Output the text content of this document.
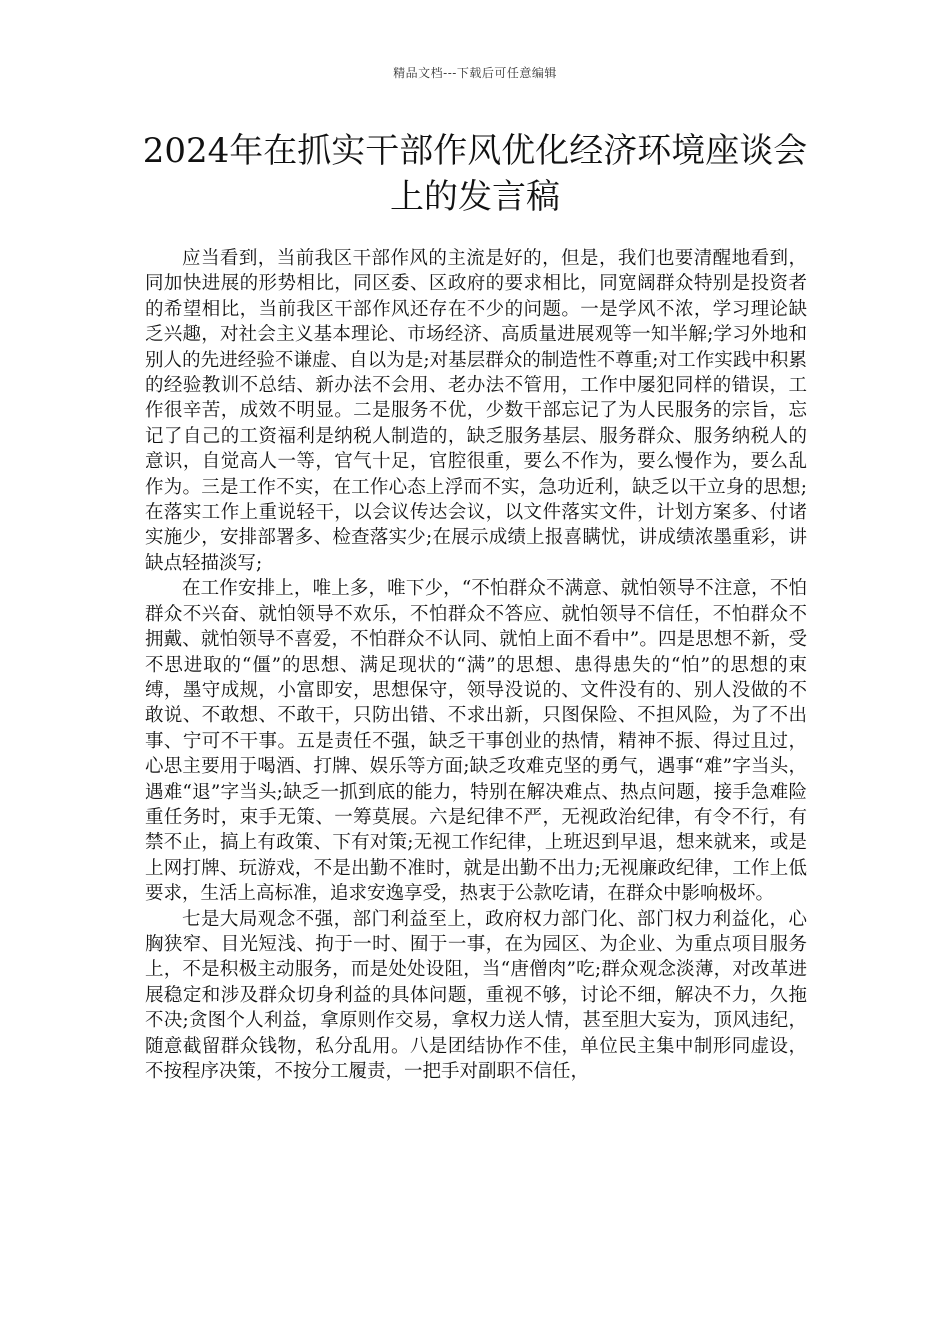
精品文档---下载后可任意编辑
2024年在抓实干部作风优化经济环境座谈会上的发言稿

应当看到，当前我区干部作风的主流是好的，但是，我们也要清醒地看到，同加快进展的形势相比，同区委、区政府的要求相比，同宽阔群众特别是投资者的希望相比，当前我区干部作风还存在不少的问题。一是学风不浓，学习理论缺乏兴趣，对社会主义基本理论、市场经济、高质量进展观等一知半解;学习外地和别人的先进经验不谦虚、自以为是;对基层群众的制造性不尊重;对工作实践中积累的经验教训不总结、新办法不会用、老办法不管用，工作中屡犯同样的错误，工作很辛苦，成效不明显。二是服务不优，少数干部忘记了为人民服务的宗旨，忘记了自己的工资福利是纳税人制造的，缺乏服务基层、服务群众、服务纳税人的意识，自觉高人一等，官气十足，官腔很重，要么不作为，要么慢作为，要么乱作为。三是工作不实，在工作心态上浮而不实，急功近利，缺乏以干立身的思想;在落实工作上重说轻干，以会议传达会议，以文件落实文件，计划方案多、付诸实施少，安排部署多、检查落实少;在展示成绩上报喜瞒忧，讲成绩浓墨重彩，讲缺点轻描淡写;

在工作安排上，唯上多，唯下少，“不怕群众不满意、就怕领导不注意，不怕群众不兴奋、就怕领导不欢乐，不怕群众不答应、就怕领导不信任，不怕群众不拥戴、就怕领导不喜爱，不怕群众不认同、就怕上面不看中”。四是思想不新，受不思进取的“僵”的思想、满足现状的“满”的思想、患得患失的“怕”的思想的束缚，墨守成规，小富即安，思想保守，领导没说的、文件没有的、别人没做的不敢说、不敢想、不敢干，只防出错、不求出新，只图保险、不担风险，为了不出事、宁可不干事。五是责任不强，缺乏干事创业的热情，精神不振、得过且过，心思主要用于喝酒、打牌、娱乐等方面;缺乏攻难克坚的勇气，遇事“难”字当头，遇难“退”字当头;缺乏一抓到底的能力，特别在解决难点、热点问题，接手急难险重任务时，束手无策、一筹莫展。六是纪律不严，无视政治纪律，有令不行，有禁不止，搞上有政策、下有对策;无视工作纪律，上班迟到早退，想来就来，或是上网打牌、玩游戏，不是出勤不准时，就是出勤不出力;无视廉政纪律，工作上低要求，生活上高标准，追求安逸享受，热衷于公款吃请，在群众中影响极坏。

七是大局观念不强，部门利益至上，政府权力部门化、部门权力利益化，心胸狭窄、目光短浅、拘于一时、囿于一事，在为园区、为企业、为重点项目服务上，不是积极主动服务，而是处处设阻，当“唐僧肉”吃;群众观念淡薄，对改革进展稳定和涉及群众切身利益的具体问题，重视不够，讨论不细，解决不力，久拖不决;贪图个人利益，拿原则作交易，拿权力送人情，甚至胆大妄为，顶风违纪，随意截留群众钱物，私分乱用。八是团结协作不佳，单位民主集中制形同虚设，不按程序决策，不按分工履责，一把手对副职不信任，
